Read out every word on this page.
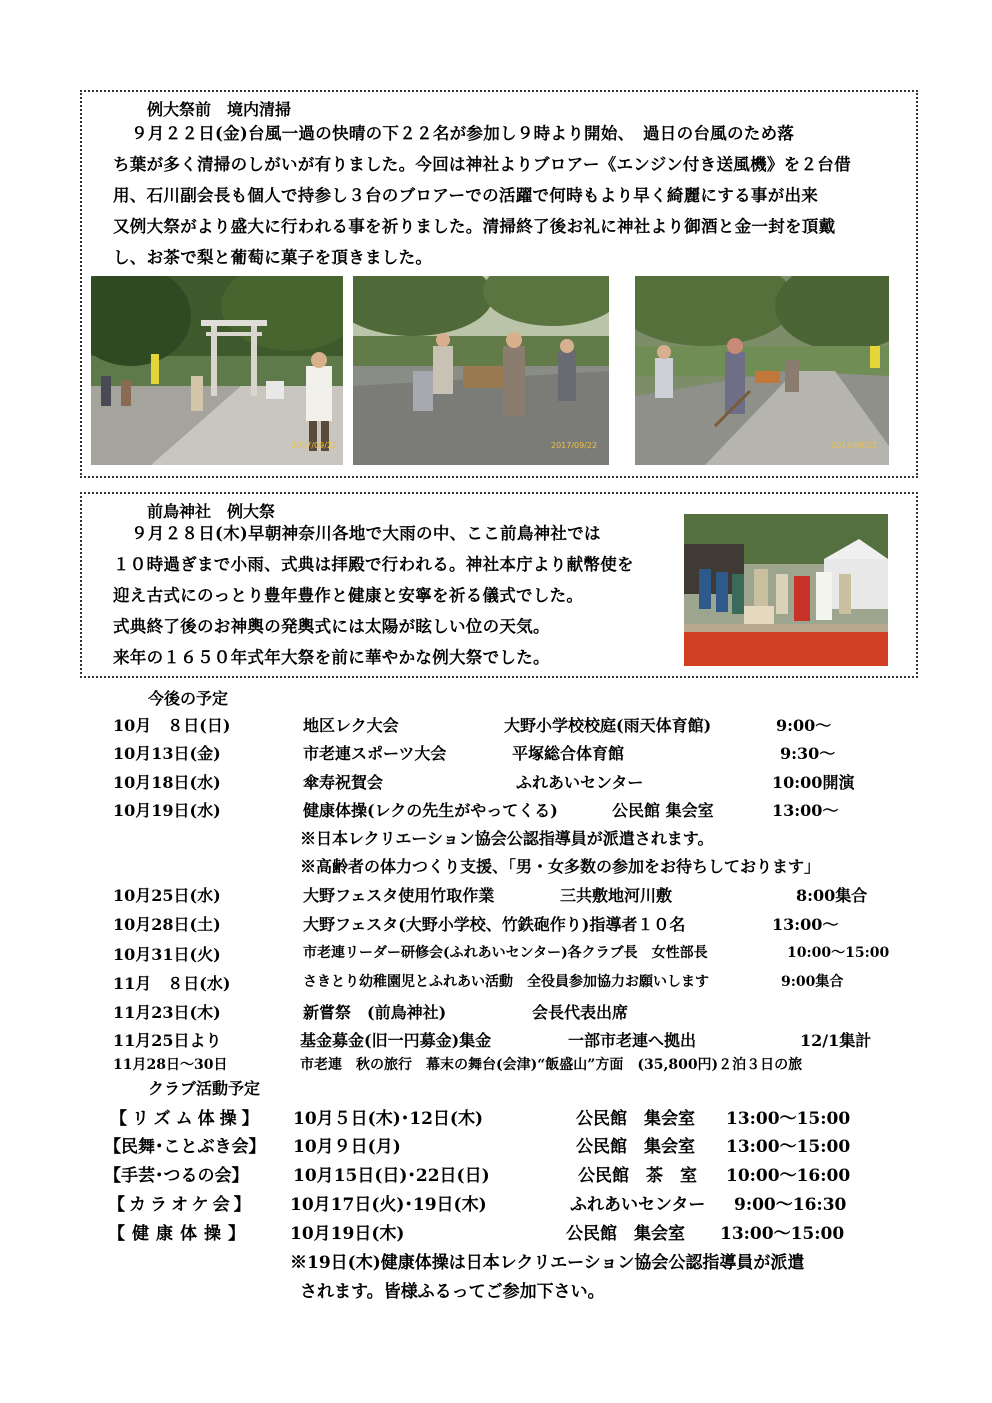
例大祭前　境内清掃
９月２２日(金)台風一過の快晴の下２２名が参加し９時より開始、　過日の台風のため落
ち葉が多く清掃のしがいが有りました。今回は神社よりブロアー《エンジン付き送風機》を２台借
用、石川副会長も個人で持参し３台のブロアーでの活躍で何時もより早く綺麗にする事が出来
又例大祭がより盛大に行われる事を祈りました。清掃終了後お礼に神社より御酒と金一封を頂戴
し、お茶で梨と葡萄に菓子を頂きました。
2017/09/22	2017/09/22	2017/09/22
前鳥神社　例大祭
９月２８日(木)早朝神奈川各地で大雨の中、ここ前鳥神社では
１０時過ぎまで小雨、式典は拝殿で行われる。神社本庁より献幣使を
迎え古式にのっとり豊年豊作と健康と安寧を祈る儀式でした。
式典終了後のお神輿の発輿式には太陽が眩しい位の天気。
来年の１６５０年式年大祭を前に華やかな例大祭でした。
今後の予定
10月　８日(日)	地区レク大会	大野小学校校庭(雨天体育館)	9:00～
10月13日(金)	市老連スポーツ大会	平塚総合体育館	9:30～
10月18日(水)	傘寿祝賀会	ふれあいセンター	10:00開演
10月19日(水)	健康体操(レクの先生がやってくる)	公民館 集会室	13:00～
※日本レクリエーション協会公認指導員が派遣されます。
※高齢者の体力つくり支援、「男・女多数の参加をお待ちしております」
10月25日(水)	大野フェスタ使用竹取作業	三共敷地河川敷	8:00集合
10月28日(土)	大野フェスタ(大野小学校、竹鉄砲作り)指導者１０名	13:00～
10月31日(火)	市老連リーダー研修会(ふれあいセンター)各クラブ長　女性部長	10:00～15:00
11月　８日(水)	さきとり幼稚園児とふれあい活動　全役員参加協力お願いします	9:00集合
11月23日(木)	新嘗祭　(前鳥神社)	会長代表出席
11月25日より	基金募金(旧一円募金)集金	一部市老連へ拠出	12/1集計
11月28日～30日	市老連　秋の旅行　幕末の舞台(会津)“飯盛山”方面　(35,800円)２泊３日の旅
クラブ活動予定
【リズム体操】 10月５日(木)･12日(木)	公民館　集会室 13:00～15:00
【民舞･ことぶき会】 10月９日(月)	公民館　集会室 13:00～15:00
【手芸･つるの会】	10月15日(日)･22日(日)	公民館　茶　室 10:00～16:00
【カラオケ会】 10月17日(火)･19日(木)	ふれあいセンター 9:00～16:30
【健康体操】 10月19日(木)	公民館　集会室 13:00～15:00
※19日(木)健康体操は日本レクリエーション協会公認指導員が派遣
されます。皆様ふるってご参加下さい。
